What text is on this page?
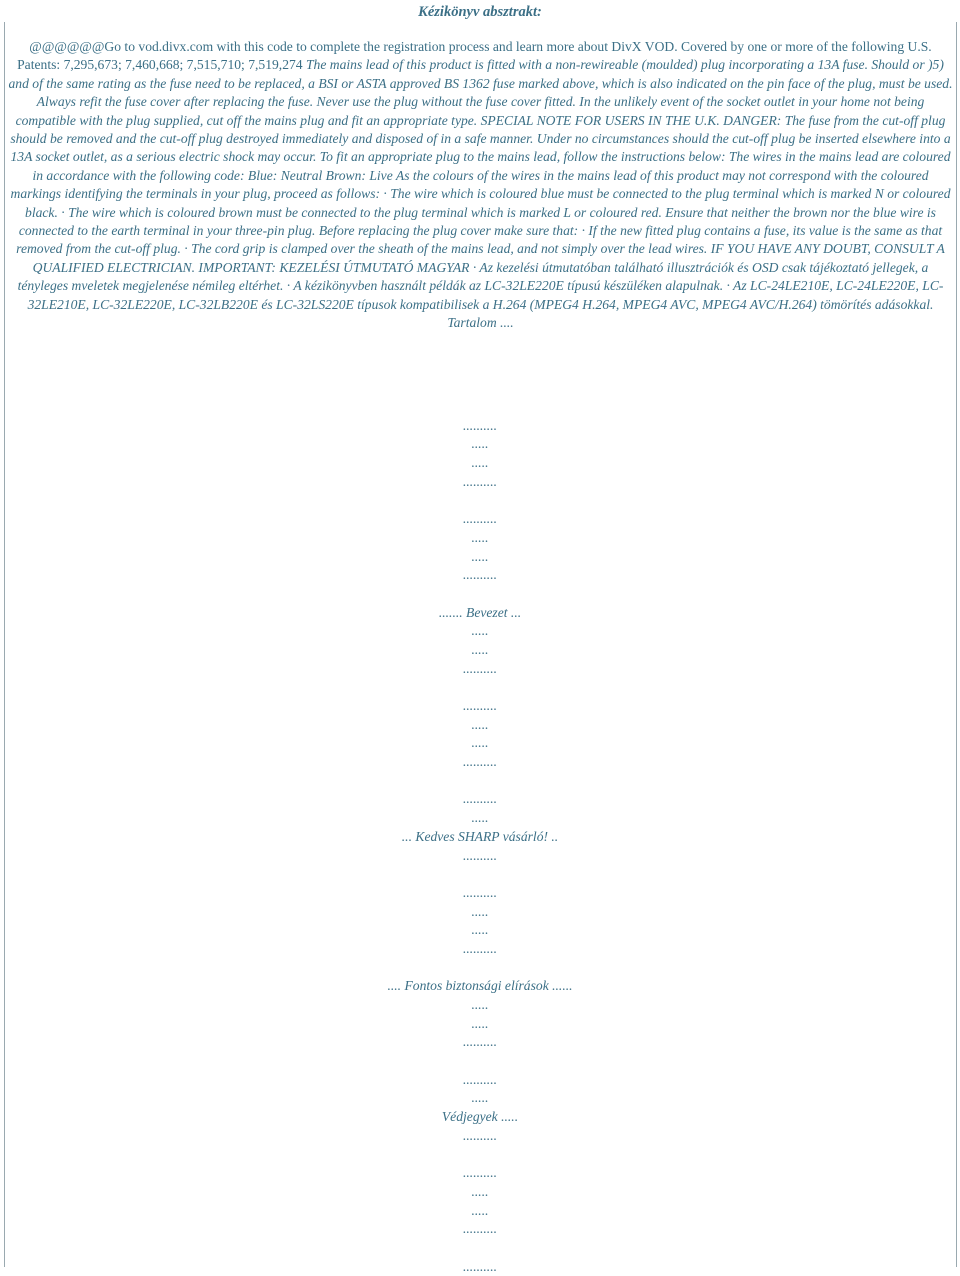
Kézikönyv absztrakt:
@@@@@@Go to vod.divx.com with this code to complete the registration process and learn more about DivX VOD. Covered by one or more of the following U.S. Patents: 7,295,673; 7,460,668; 7,515,710; 7,519,274 The mains lead of this product is fitted with a non-rewireable (moulded) plug incorporating a 13A fuse. Should or )5) and of the same rating as the fuse need to be replaced, a BSI or ASTA approved BS 1362 fuse marked above, which is also indicated on the pin face of the plug, must be used. Always refit the fuse cover after replacing the fuse. Never use the plug without the fuse cover fitted. In the unlikely event of the socket outlet in your home not being compatible with the plug supplied, cut off the mains plug and fit an appropriate type. SPECIAL NOTE FOR USERS IN THE U.K. DANGER: The fuse from the cut-off plug should be removed and the cut-off plug destroyed immediately and disposed of in a safe manner. Under no circumstances should the cut-off plug be inserted elsewhere into a 13A socket outlet, as a serious electric shock may occur. To fit an appropriate plug to the mains lead, follow the instructions below: The wires in the mains lead are coloured in accordance with the following code: Blue: Neutral Brown: Live As the colours of the wires in the mains lead of this product may not correspond with the coloured markings identifying the terminals in your plug, proceed as follows: · The wire which is coloured blue must be connected to the plug terminal which is marked N or coloured black. · The wire which is coloured brown must be connected to the plug terminal which is marked L or coloured red. Ensure that neither the brown nor the blue wire is connected to the earth terminal in your three-pin plug. Before replacing the plug cover make sure that: · If the new fitted plug contains a fuse, its value is the same as that removed from the cut-off plug. · The cord grip is clamped over the sheath of the mains lead, and not simply over the lead wires. IF YOU HAVE ANY DOUBT, CONSULT A QUALIFIED ELECTRICIAN. IMPORTANT: KEZELÉSI ÚTMUTATÓ MAGYAR · Az kezelési útmutatóban található illusztrációk és OSD csak tájékoztató jellegek, a tényleges mveletek megjelenése némileg eltérhet. · A kézikönyvben használt példák az LC-32LE220E típusú készüléken alapulnak. · Az LC-24LE210E, LC-24LE220E, LC-32LE210E, LC-32LE220E, LC-32LB220E és LC-32LS220E típusok kompatibilisek a H.264 (MPEG4 H.264, MPEG4 AVC, MPEG4 AVC/H.264) tömörítés adásokkal. Tartalom ....
..........
.....
.....
..........
..........
.....
.....
..........
....... Bevezet ...
.....
.....
..........
..........
.....
.....
..........
..........
.....
... Kedves SHARP vásárló! ..
..........
..........
.....
.....
..........
.... Fontos biztonsági elírások ......
.....
.....
..........
..........
.....
Védjegyek .....
..........
..........
.....
.....
..........
..........
